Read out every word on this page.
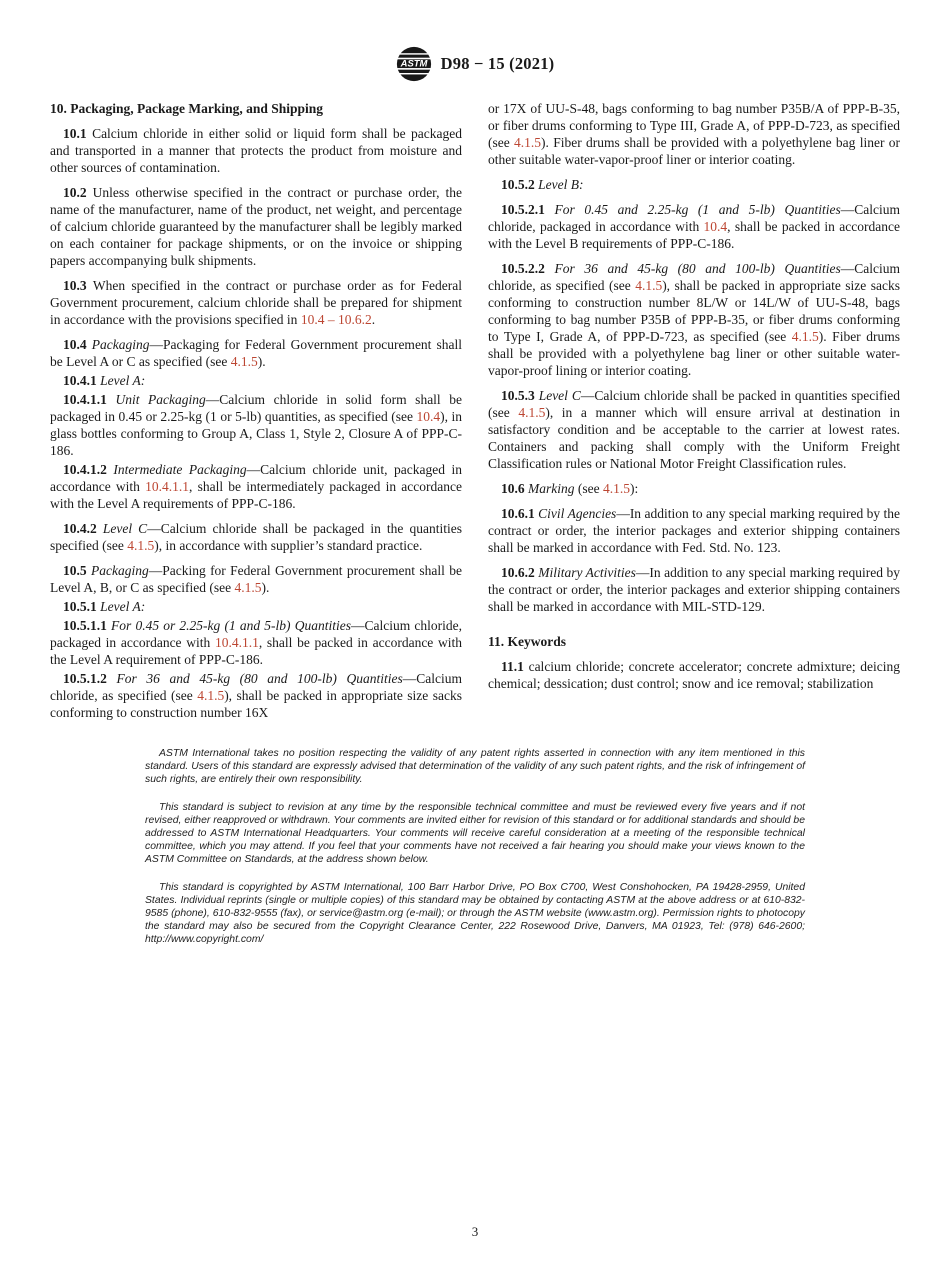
ASTM D98 − 15 (2021)
10. Packaging, Package Marking, and Shipping

10.1 Calcium chloride in either solid or liquid form shall be packaged and transported in a manner that protects the product from moisture and other sources of contamination.

10.2 Unless otherwise specified in the contract or purchase order, the name of the manufacturer, name of the product, net weight, and percentage of calcium chloride guaranteed by the manufacturer shall be legibly marked on each container for package shipments, or on the invoice or shipping papers accompanying bulk shipments.

10.3 When specified in the contract or purchase order as for Federal Government procurement, calcium chloride shall be prepared for shipment in accordance with the provisions specified in 10.4 – 10.6.2.

10.4 Packaging—Packaging for Federal Government procurement shall be Level A or C as specified (see 4.1.5).

10.4.1 Level A:

10.4.1.1 Unit Packaging—Calcium chloride in solid form shall be packaged in 0.45 or 2.25-kg (1 or 5-lb) quantities, as specified (see 10.4), in glass bottles conforming to Group A, Class 1, Style 2, Closure A of PPP-C-186.

10.4.1.2 Intermediate Packaging—Calcium chloride unit, packaged in accordance with 10.4.1.1, shall be intermediately packaged in accordance with the Level A requirements of PPP-C-186.

10.4.2 Level C—Calcium chloride shall be packaged in the quantities specified (see 4.1.5), in accordance with supplier’s standard practice.

10.5 Packaging—Packing for Federal Government procurement shall be Level A, B, or C as specified (see 4.1.5).

10.5.1 Level A:

10.5.1.1 For 0.45 or 2.25-kg (1 and 5-lb) Quantities—Calcium chloride, packaged in accordance with 10.4.1.1, shall be packed in accordance with the Level A requirement of PPP-C-186.

10.5.1.2 For 36 and 45-kg (80 and 100-lb) Quantities—Calcium chloride, as specified (see 4.1.5), shall be packed in appropriate size sacks conforming to construction number 16X

or 17X of UU-S-48, bags conforming to bag number P35B/A of PPP-B-35, or fiber drums conforming to Type III, Grade A, of PPP-D-723, as specified (see 4.1.5). Fiber drums shall be provided with a polyethylene bag liner or other suitable water-vapor-proof liner or interior coating.

10.5.2 Level B:

10.5.2.1 For 0.45 and 2.25-kg (1 and 5-lb) Quantities—Calcium chloride, packaged in accordance with 10.4, shall be packed in accordance with the Level B requirements of PPP-C-186.

10.5.2.2 For 36 and 45-kg (80 and 100-lb) Quantities—Calcium chloride, as specified (see 4.1.5), shall be packed in appropriate size sacks conforming to construction number 8L/W or 14L/W of UU-S-48, bags conforming to bag number P35B of PPP-B-35, or fiber drums conforming to Type I, Grade A, of PPP-D-723, as specified (see 4.1.5). Fiber drums shall be provided with a polyethylene bag liner or other suitable water-vapor-proof lining or interior coating.

10.5.3 Level C—Calcium chloride shall be packed in quantities specified (see 4.1.5), in a manner which will ensure arrival at destination in satisfactory condition and be acceptable to the carrier at lowest rates. Containers and packing shall comply with the Uniform Freight Classification rules or National Motor Freight Classification rules.

10.6 Marking (see 4.1.5):

10.6.1 Civil Agencies—In addition to any special marking required by the contract or order, the interior packages and exterior shipping containers shall be marked in accordance with Fed. Std. No. 123.

10.6.2 Military Activities—In addition to any special marking required by the contract or order, the interior packages and exterior shipping containers shall be marked in accordance with MIL-STD-129.

11. Keywords

11.1 calcium chloride; concrete accelerator; concrete admixture; deicing chemical; dessication; dust control; snow and ice removal; stabilization

ASTM International takes no position respecting the validity of any patent rights asserted in connection with any item mentioned in this standard. Users of this standard are expressly advised that determination of the validity of any such patent rights, and the risk of infringement of such rights, are entirely their own responsibility.

This standard is subject to revision at any time by the responsible technical committee and must be reviewed every five years and if not revised, either reapproved or withdrawn. Your comments are invited either for revision of this standard or for additional standards and should be addressed to ASTM International Headquarters. Your comments will receive careful consideration at a meeting of the responsible technical committee, which you may attend. If you feel that your comments have not received a fair hearing you should make your views known to the ASTM Committee on Standards, at the address shown below.

This standard is copyrighted by ASTM International, 100 Barr Harbor Drive, PO Box C700, West Conshohocken, PA 19428-2959, United States. Individual reprints (single or multiple copies) of this standard may be obtained by contacting ASTM at the above address or at 610-832-9585 (phone), 610-832-9555 (fax), or service@astm.org (e-mail); or through the ASTM website (www.astm.org). Permission rights to photocopy the standard may also be secured from the Copyright Clearance Center, 222 Rosewood Drive, Danvers, MA 01923, Tel: (978) 646-2600; http://www.copyright.com/

3
